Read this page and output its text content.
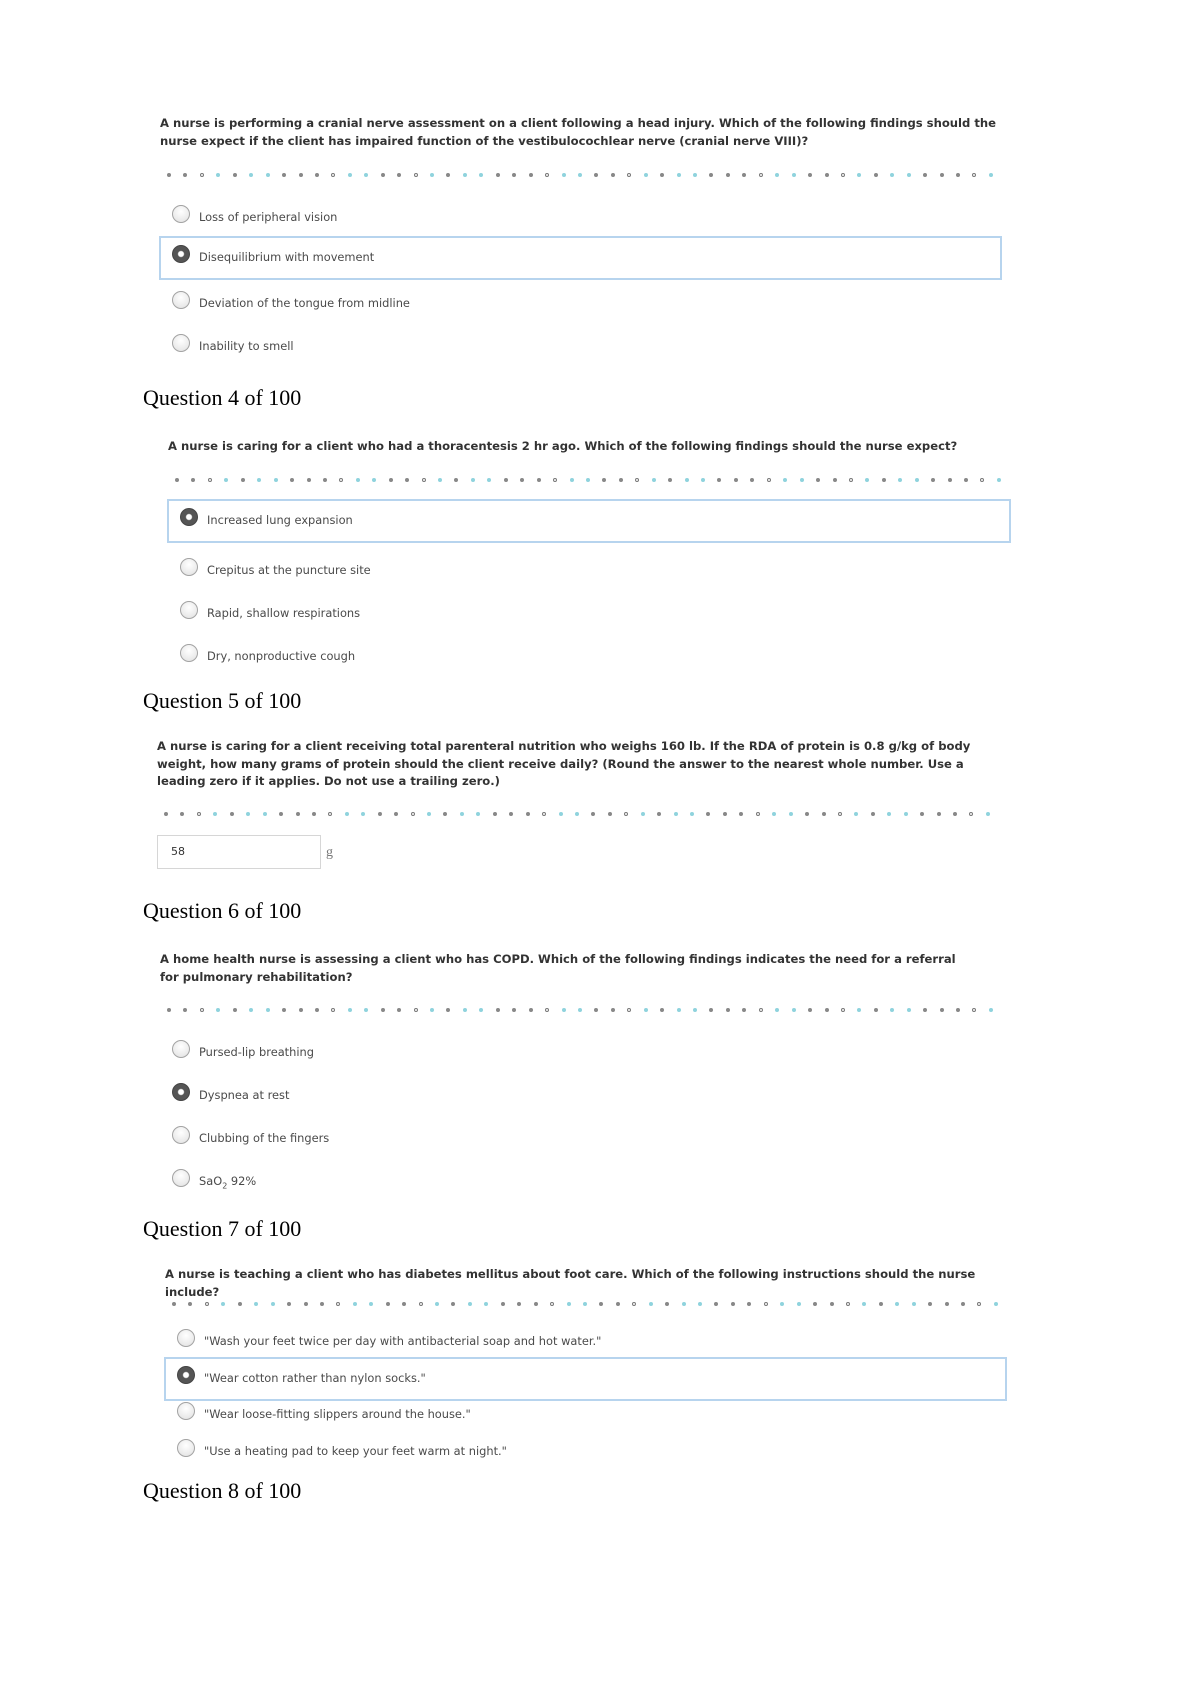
A nurse is performing a cranial nerve assessment on a client following a head injury. Which of the following findings should the nurse expect if the client has impaired function of the vestibulocochlear nerve (cranial nerve VIII)?
Loss of peripheral vision
Disequilibrium with movement
Deviation of the tongue from midline
Inability to smell
Question 4 of 100
A nurse is caring for a client who had a thoracentesis 2 hr ago. Which of the following findings should the nurse expect?
Increased lung expansion
Crepitus at the puncture site
Rapid, shallow respirations
Dry, nonproductive cough
Question 5 of 100
A nurse is caring for a client receiving total parenteral nutrition who weighs 160 lb. If the RDA of protein is 0.8 g/kg of body weight, how many grams of protein should the client receive daily? (Round the answer to the nearest whole number. Use a leading zero if it applies. Do not use a trailing zero.)
58	g
Question 6 of 100
A home health nurse is assessing a client who has COPD. Which of the following findings indicates the need for a referral for pulmonary rehabilitation?
Pursed-lip breathing
Dyspnea at rest
Clubbing of the fingers
SaO$_2$ 92%
Question 7 of 100
A nurse is teaching a client who has diabetes mellitus about foot care. Which of the following instructions should the nurse include?
"Wash your feet twice per day with antibacterial soap and hot water."
"Wear cotton rather than nylon socks."
"Wear loose-fitting slippers around the house."
"Use a heating pad to keep your feet warm at night."
Question 8 of 100
